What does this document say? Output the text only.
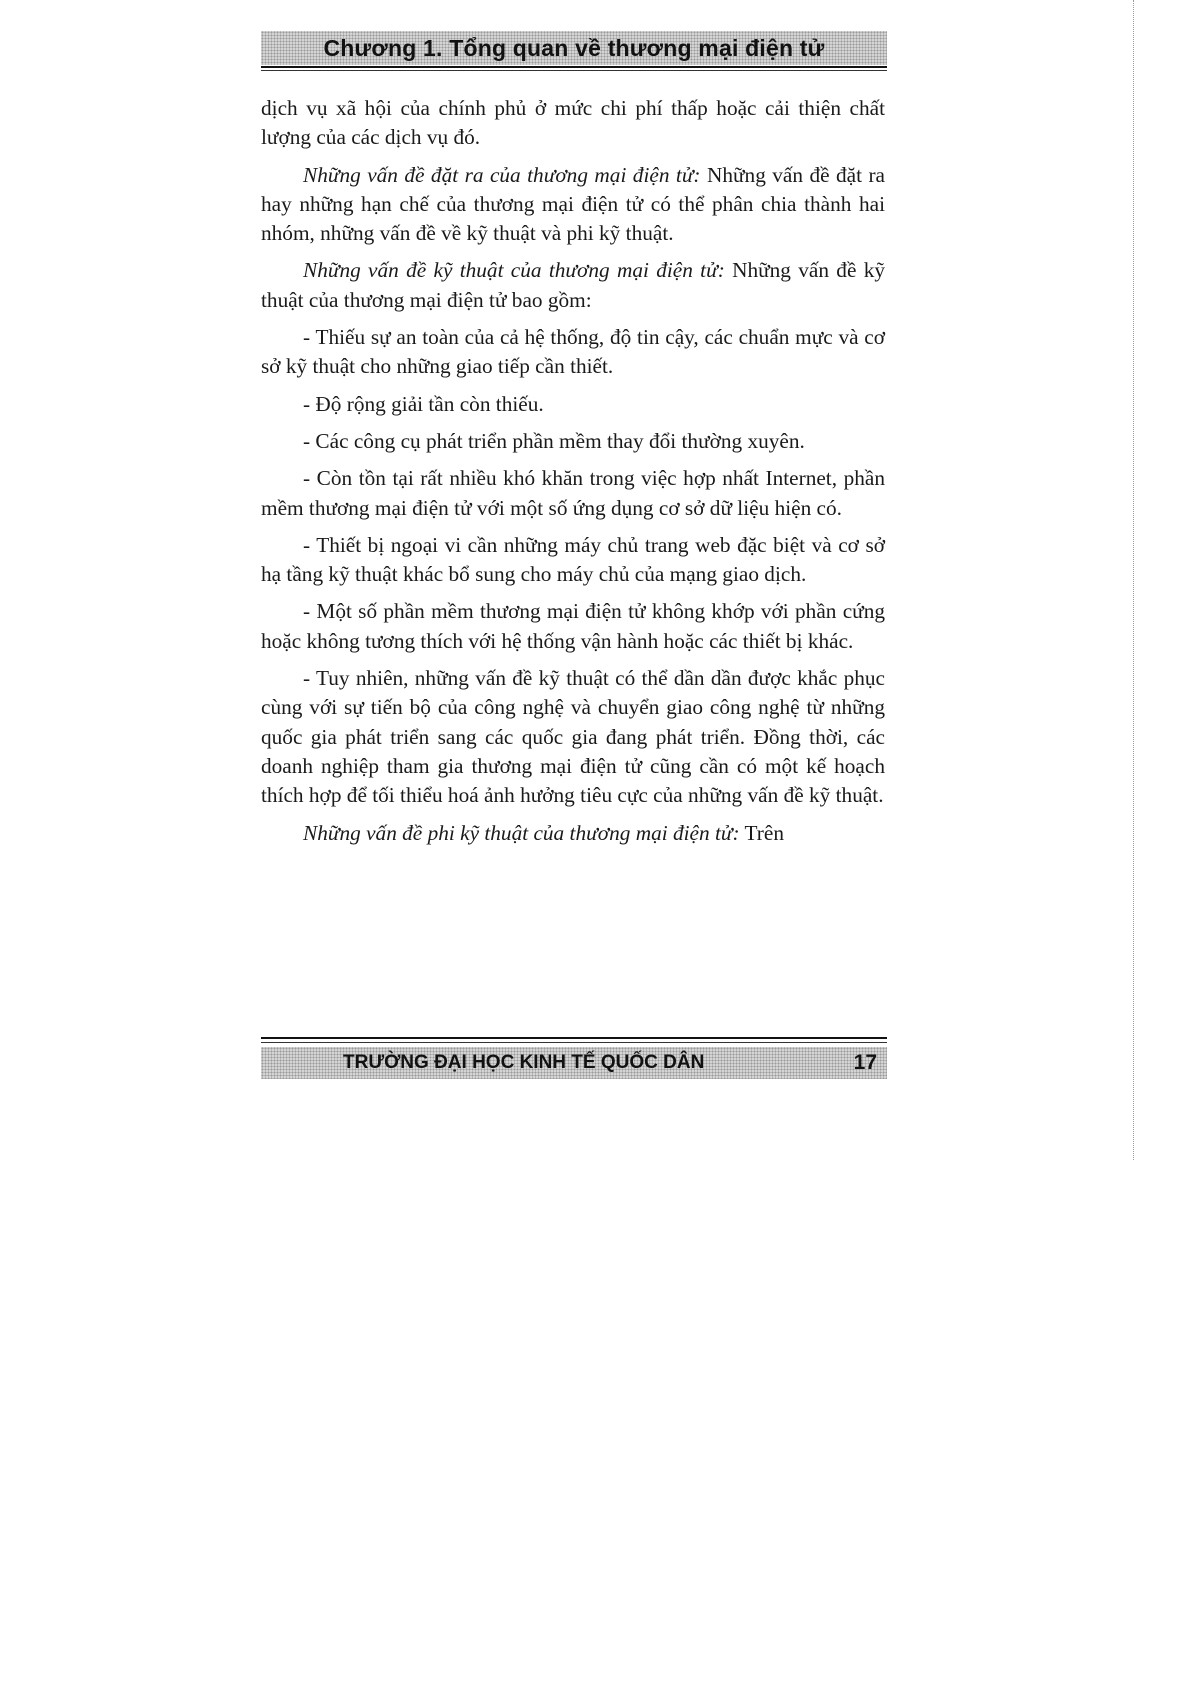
Chương 1. Tổng quan về thương mại điện tử

dịch vụ xã hội của chính phủ ở mức chi phí thấp hoặc cải thiện chất lượng của các dịch vụ đó.

Những vấn đề đặt ra của thương mại điện tử: Những vấn đề đặt ra hay những hạn chế của thương mại điện tử có thể phân chia thành hai nhóm, những vấn đề về kỹ thuật và phi kỹ thuật.

Những vấn đề kỹ thuật của thương mại điện tử: Những vấn đề kỹ thuật của thương mại điện tử bao gồm:

- Thiếu sự an toàn của cả hệ thống, độ tin cậy, các chuẩn mực và cơ sở kỹ thuật cho những giao tiếp cần thiết.

- Độ rộng giải tần còn thiếu.

- Các công cụ phát triển phần mềm thay đổi thường xuyên.

- Còn tồn tại rất nhiều khó khăn trong việc hợp nhất Internet, phần mềm thương mại điện tử với một số ứng dụng cơ sở dữ liệu hiện có.

- Thiết bị ngoại vi cần những máy chủ trang web đặc biệt và cơ sở hạ tầng kỹ thuật khác bổ sung cho máy chủ của mạng giao dịch.

- Một số phần mềm thương mại điện tử không khớp với phần cứng hoặc không tương thích với hệ thống vận hành hoặc các thiết bị khác.

- Tuy nhiên, những vấn đề kỹ thuật có thể dần dần được khắc phục cùng với sự tiến bộ của công nghệ và chuyển giao công nghệ từ những quốc gia phát triển sang các quốc gia đang phát triển. Đồng thời, các doanh nghiệp tham gia thương mại điện tử cũng cần có một kế hoạch thích hợp để tối thiểu hoá ảnh hưởng tiêu cực của những vấn đề kỹ thuật.

Những vấn đề phi kỹ thuật của thương mại điện tử: Trên

TRƯỜNG ĐẠI HỌC KINH TẾ QUỐC DÂN	17
